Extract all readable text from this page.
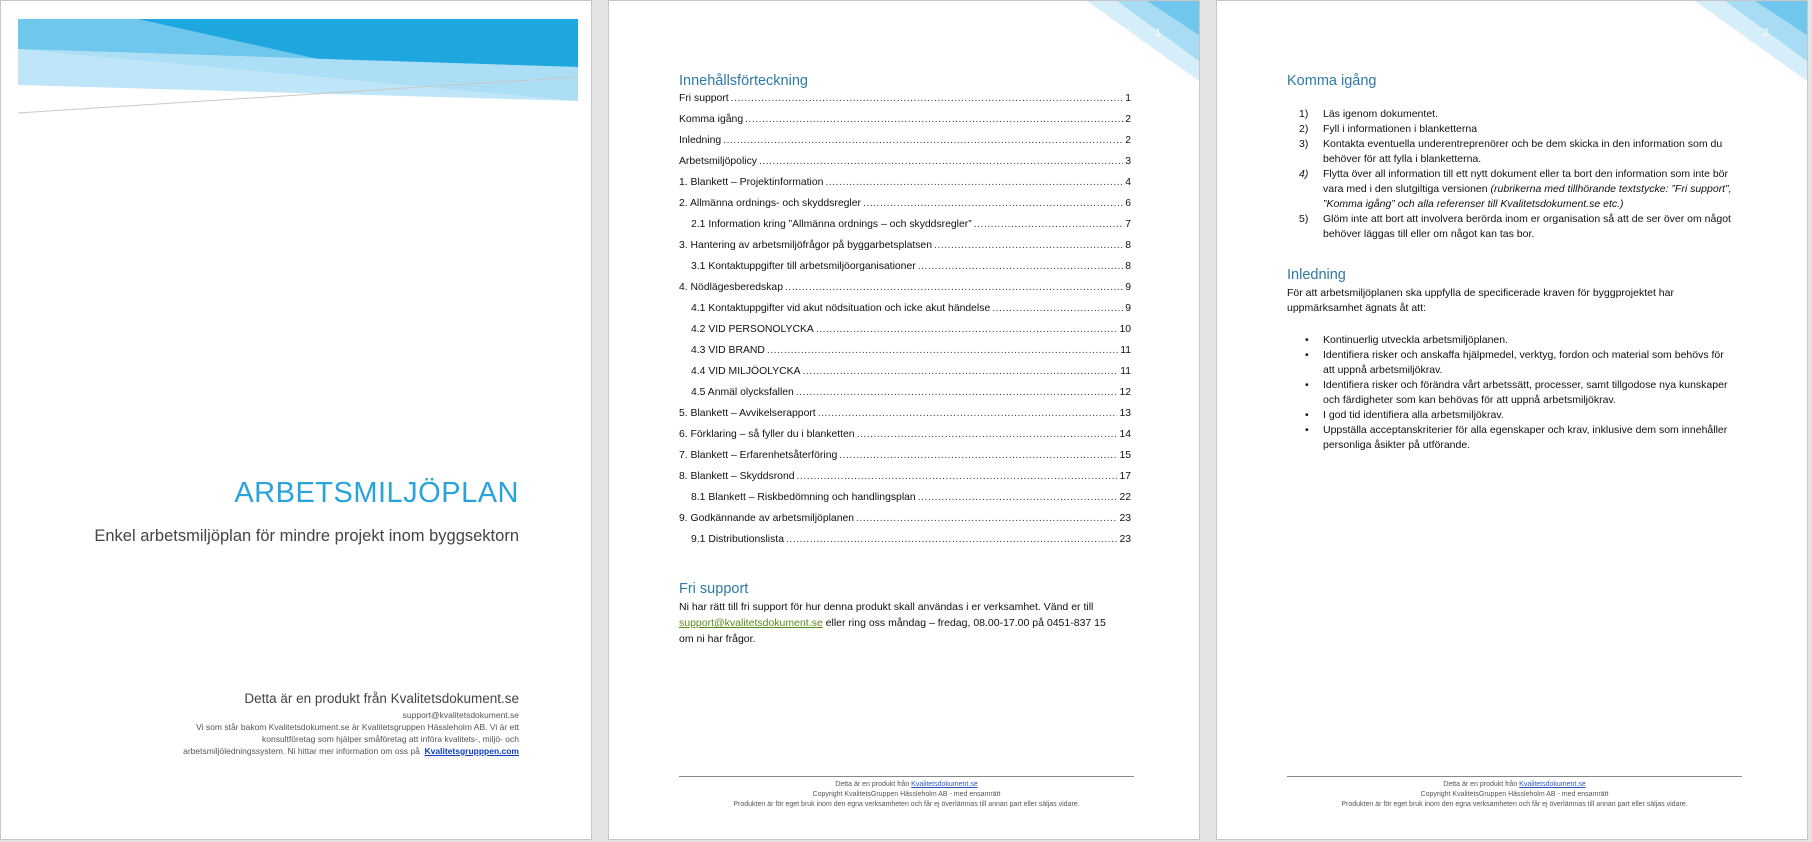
ARBETSMILJÖPLAN
Enkel arbetsmiljöplan för mindre projekt inom byggsektorn
Detta är en produkt från Kvalitetsdokument.se
support@kvalitetsdokument.se
Vi som står bakom Kvalitetsdokument.se är Kvalitetsgruppen Hässleholm AB. Vi är ett
konsultföretag som hjälper småföretag att införa kvalitets-, miljö- och
arbetsmiljöledningssystem. Ni hittar mer information om oss på Kvalitetsgrupppen.com
1
Innehållsförteckning
Fri support .....	1
Komma igång .....	2
Inledning .....	2
Arbetsmiljöpolicy .....	3
1. Blankett – Projektinformation .....	4
2. Allmänna ordnings- och skyddsregler .....	6
2.1 Information kring ”Allmänna ordnings – och skyddsregler” .....	7
3. Hantering av arbetsmiljöfrågor på byggarbetsplatsen .....	8
3.1 Kontaktuppgifter till arbetsmiljöorganisationer .....	8
4. Nödlägesberedskap .....	9
4.1 Kontaktuppgifter vid akut nödsituation och icke akut händelse .....	9
4.2 VID PERSONOLYCKA .....	10
4.3 VID BRAND .....	11
4.4 VID MILJÖOLYCKA .....	11
4.5 Anmäl olycksfallen .....	12
5. Blankett – Avvikelserapport .....	13
6. Förklaring – så fyller du i blanketten .....	14
7. Blankett – Erfarenhetsåterföring .....	15
8. Blankett – Skyddsrond .....	17
8.1 Blankett – Riskbedömning och handlingsplan .....	22
9. Godkännande av arbetsmiljöplanen .....	23
9.1 Distributionslista .....	23
Fri support
Ni har rätt till fri support för hur denna produkt skall användas i er verksamhet. Vänd er till
support@kvalitetsdokument.se eller ring oss måndag – fredag, 08.00-17.00 på 0451-837 15
om ni har frågor.
Detta är en produkt från Kvalitetsdokument.se
Copyright KvalitetsGruppen Hässleholm AB - med ensamrätt
Produkten är för eget bruk inom den egna verksamheten och får ej överlämnas till annan part eller säljas vidare.
2
Komma igång
1)	Läs igenom dokumentet.
2)	Fyll i informationen i blanketterna
3)	Kontakta eventuella underentreprenörer och be dem skicka in den information som du behöver för att fylla i blanketterna.
4)	Flytta över all information till ett nytt dokument eller ta bort den information som inte bör vara med i den slutgiltiga versionen (rubrikerna med tillhörande textstycke: ”Fri support”, ”Komma igång” och alla referenser till Kvalitetsdokument.se etc.)
5)	Glöm inte att bort att involvera berörda inom er organisation så att de ser över om något behöver läggas till eller om något kan tas bor.
Inledning
För att arbetsmiljöplanen ska uppfylla de specificerade kraven för byggprojektet har uppmärksamhet ägnats åt att:
•	Kontinuerlig utveckla arbetsmiljöplanen.
•	Identifiera risker och anskaffa hjälpmedel, verktyg, fordon och material som behövs för att uppnå arbetsmiljökrav.
•	Identifiera risker och förändra vårt arbetssätt, processer, samt tillgodose nya kunskaper och färdigheter som kan behövas för att uppnå arbetsmiljökrav.
•	I god tid identifiera alla arbetsmiljökrav.
•	Uppställa acceptanskriterier för alla egenskaper och krav, inklusive dem som innehåller personliga åsikter på utförande.
Detta är en produkt från Kvalitetsdokument.se
Copyright KvalitetsGruppen Hässleholm AB - med ensamrätt
Produkten är för eget bruk inom den egna verksamheten och får ej överlämnas till annan part eller säljas vidare.
